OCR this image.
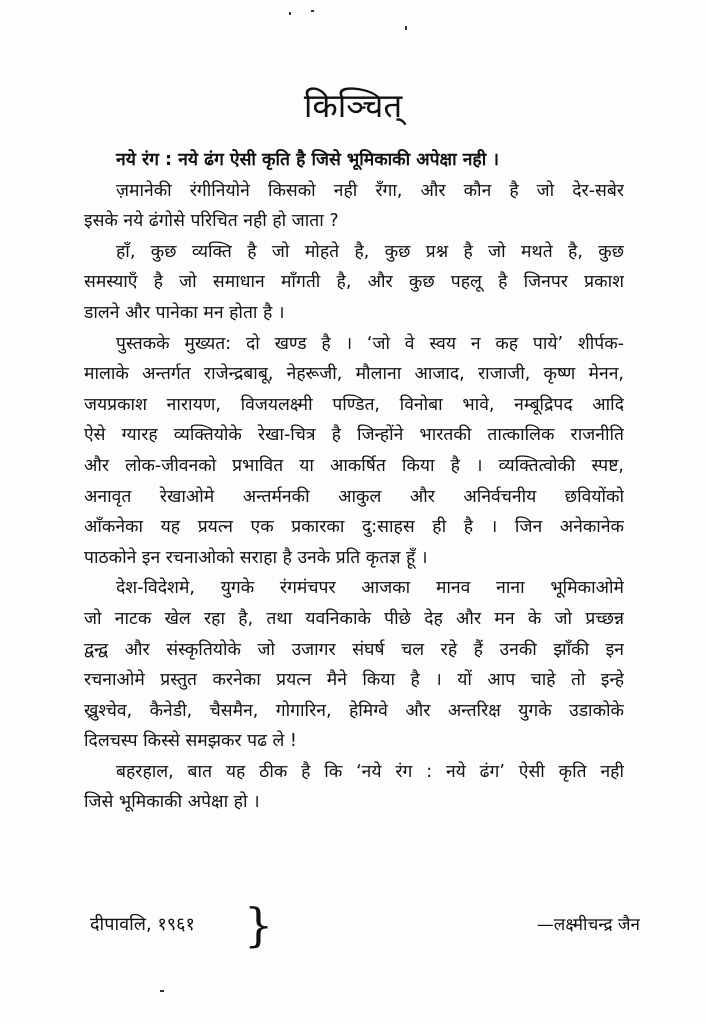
किञ्चित्
नये रंग : नये ढंग ऐसी कृति है जिसे भूमिकाकी अपेक्षा नही ।
ज़मानेकी रंगीनियोने किसको नही रँगा, और कौन है जो देर-सबेर
इसके नये ढंगोसे परिचित नही हो जाता ?
हाँ, कुछ व्यक्ति है जो मोहते है, कुछ प्रश्न है जो मथते है, कुछ
समस्याएँ है जो समाधान माँगती है, और कुछ पहलू है जिनपर प्रकाश
डालने और पानेका मन होता है ।
पुस्तकके मुख्यत: दो खण्ड है । ‘जो वे स्वय न कह पाये’ शीर्पक-
मालाके अन्तर्गत राजेन्द्रबाबू, नेहरूजी, मौलाना आजाद, राजाजी, कृष्ण मेनन,
जयप्रकाश नारायण, विजयलक्ष्मी पण्डित, विनोबा भावे, नम्बूद्रिपद आदि
ऐसे ग्यारह व्यक्तियोके रेखा-चित्र है जिन्होंने भारतकी तात्कालिक राजनीति
और लोक-जीवनको प्रभावित या आकर्षित किया है । व्यक्तित्वोकी स्पष्ट,
अनावृत रेखाओमे अन्तर्मनकी आकुल और अनिर्वचनीय छवियोंको
आँकनेका यह प्रयत्न एक प्रकारका दु:साहस ही है । जिन अनेकानेक
पाठकोने इन रचनाओको सराहा है उनके प्रति कृतज्ञ हूँ ।
देश-विदेशमे, युगके रंगमंचपर आजका मानव नाना भूमिकाओमे
जो नाटक खेल रहा है, तथा यवनिकाके पीछे देह और मन के जो प्रच्छन्न
द्वन्द्व और संस्कृतियोके जो उजागर संघर्ष चल रहे हैं उनकी झाँकी इन
रचनाओमे प्रस्तुत करनेका प्रयत्न मैने किया है । यों आप चाहे तो इन्हे
ख्रुश्चेव, कैनेडी, चैसमैन, गोगारिन, हेमिग्वे और अन्तरिक्ष युगके उडाकोके
दिलचस्प किस्से समझकर पढ ले !
बहरहाल, बात यह ठीक है कि ‘नये रंग : नये ढंग’ ऐसी कृति नही
जिसे भूमिकाकी अपेक्षा हो ।
दीपावलि, १९६१ }	—लक्ष्मीचन्द्र जैन
